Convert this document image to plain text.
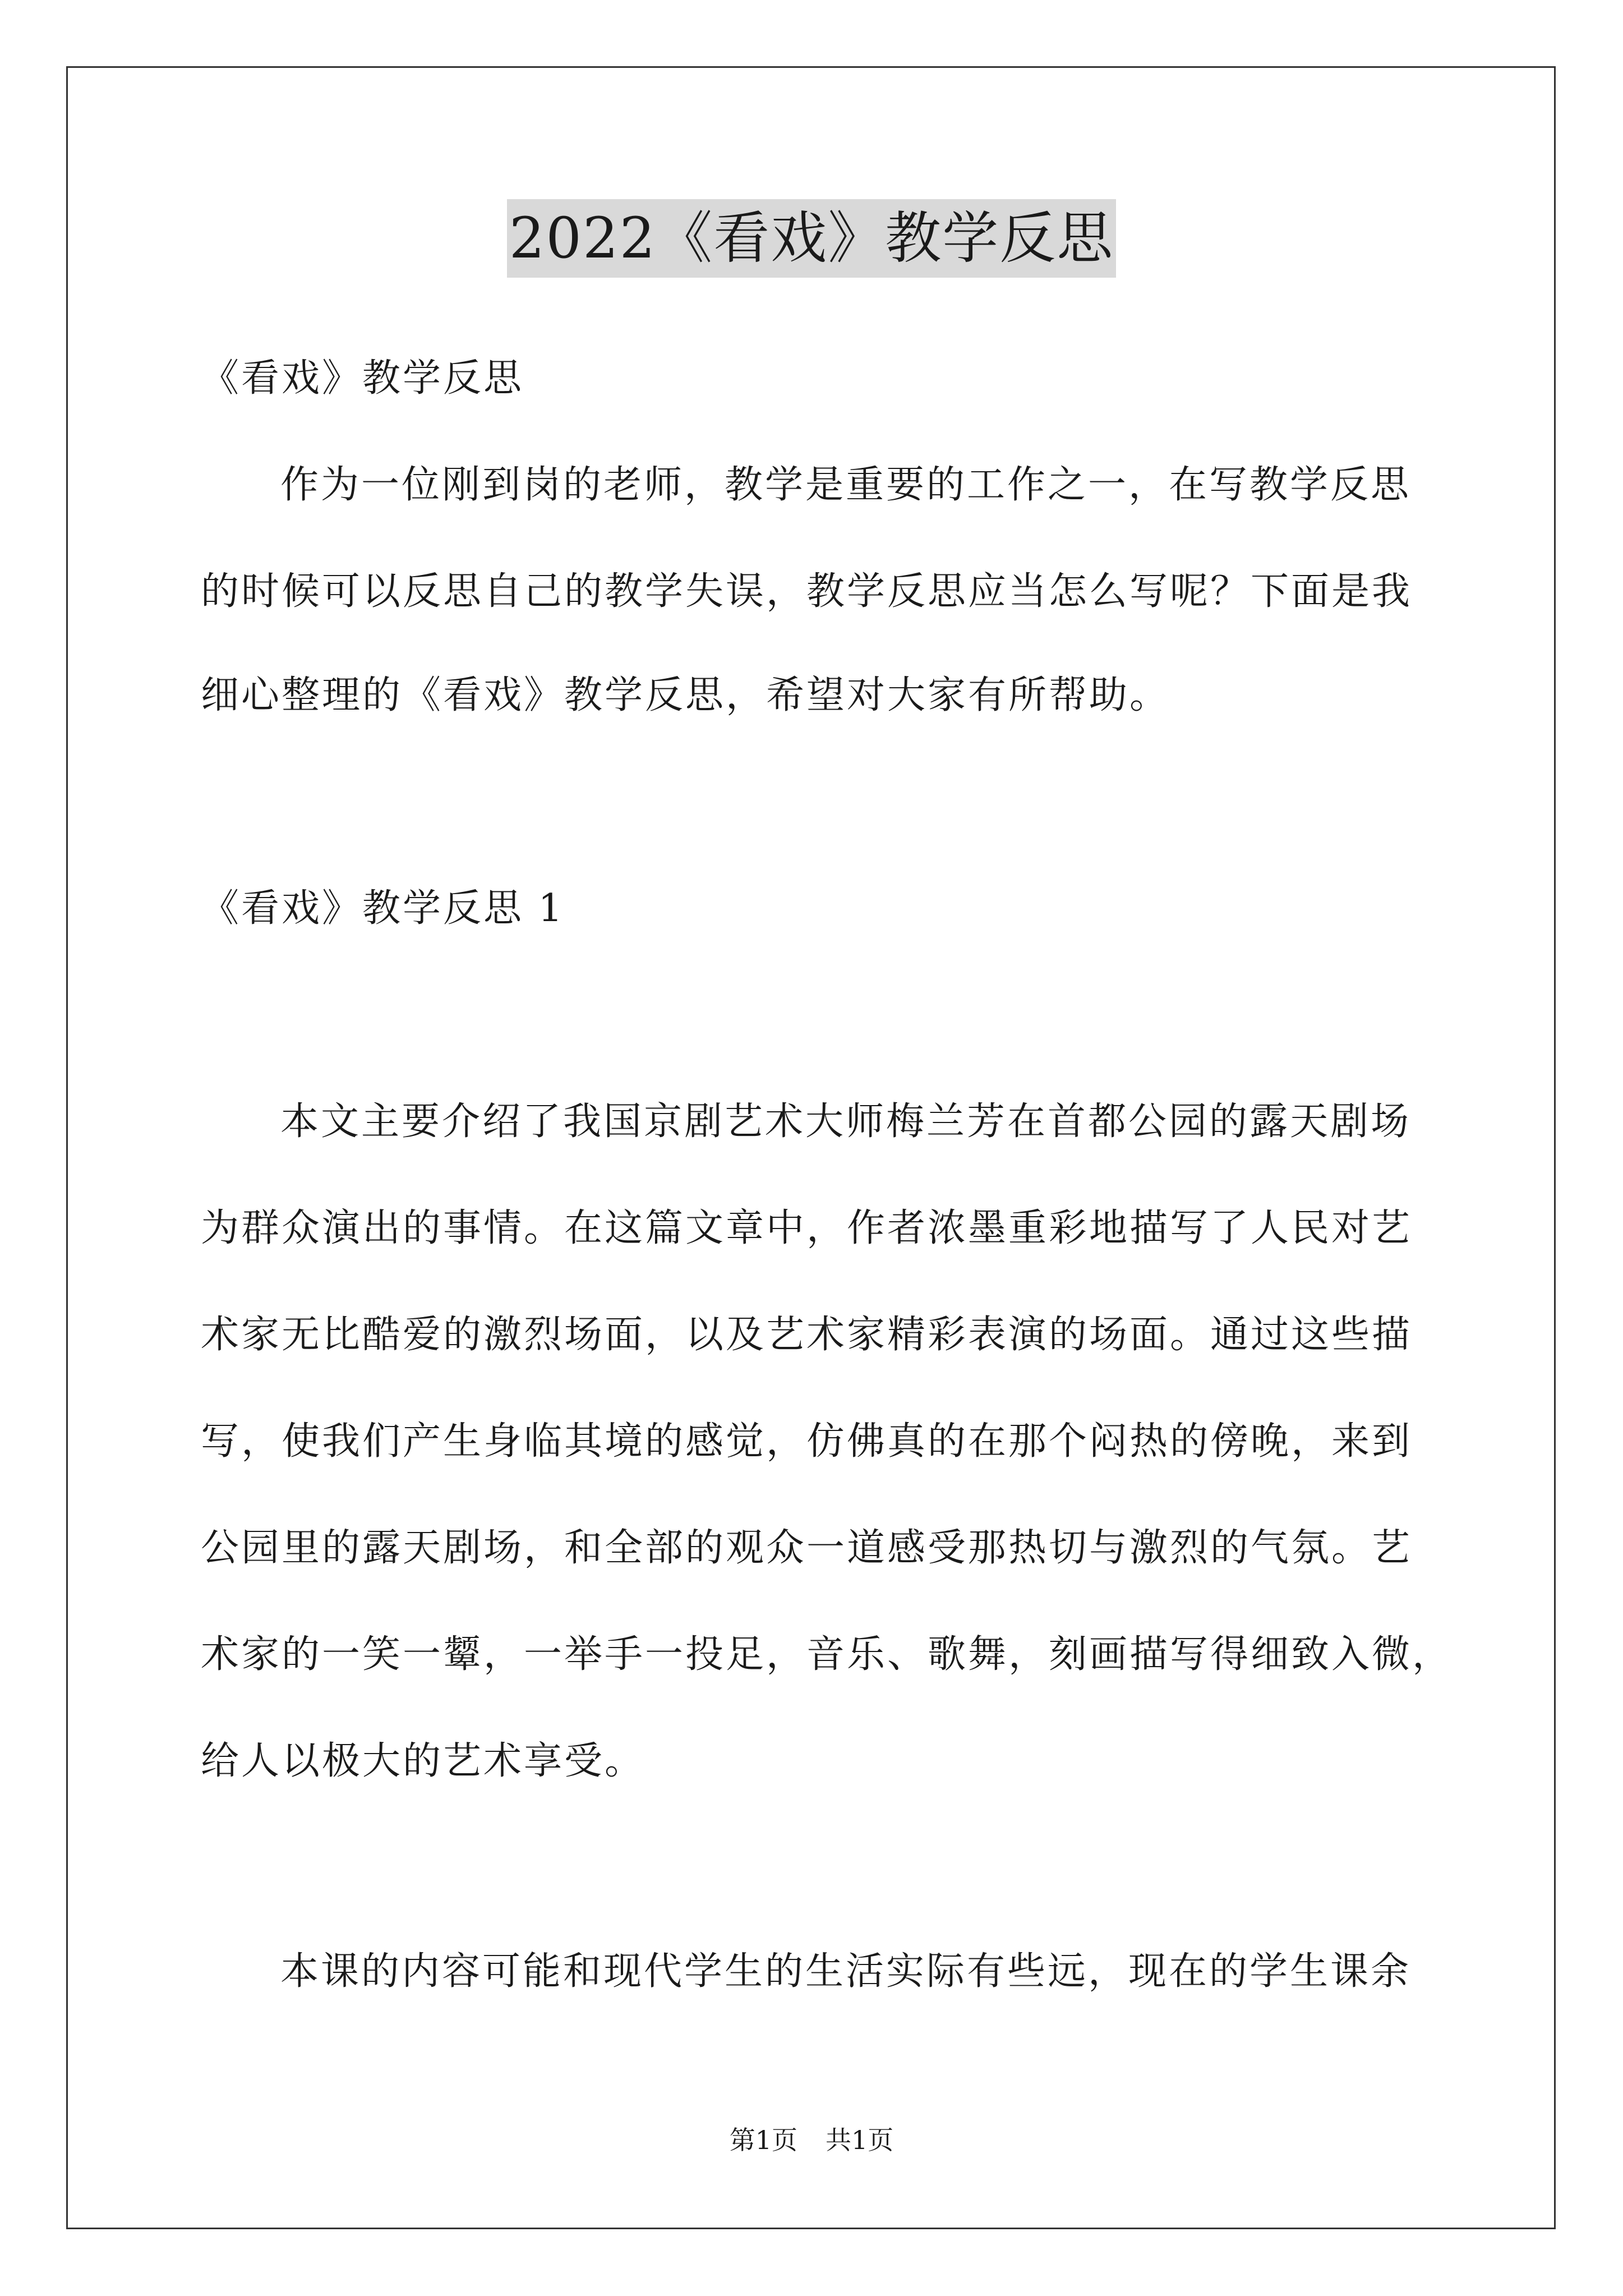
2022《看戏》教学反思
《看戏》教学反思
作为一位刚到岗的老师，教学是重要的工作之一，在写教学反思
的时候可以反思自己的教学失误，教学反思应当怎么写呢？下面是我
细心整理的《看戏》教学反思，希望对大家有所帮助。
《看戏》教学反思 1
本文主要介绍了我国京剧艺术大师梅兰芳在首都公园的露天剧场
为群众演出的事情。在这篇文章中，作者浓墨重彩地描写了人民对艺
术家无比酷爱的激烈场面，以及艺术家精彩表演的场面。通过这些描
写，使我们产生身临其境的感觉，仿佛真的在那个闷热的傍晚，来到
公园里的露天剧场，和全部的观众一道感受那热切与激烈的气氛。艺
术家的一笑一颦，一举手一投足，音乐、歌舞，刻画描写得细致入微，
给人以极大的艺术享受。
本课的内容可能和现代学生的生活实际有些远，现在的学生课余
第1页 共1页
